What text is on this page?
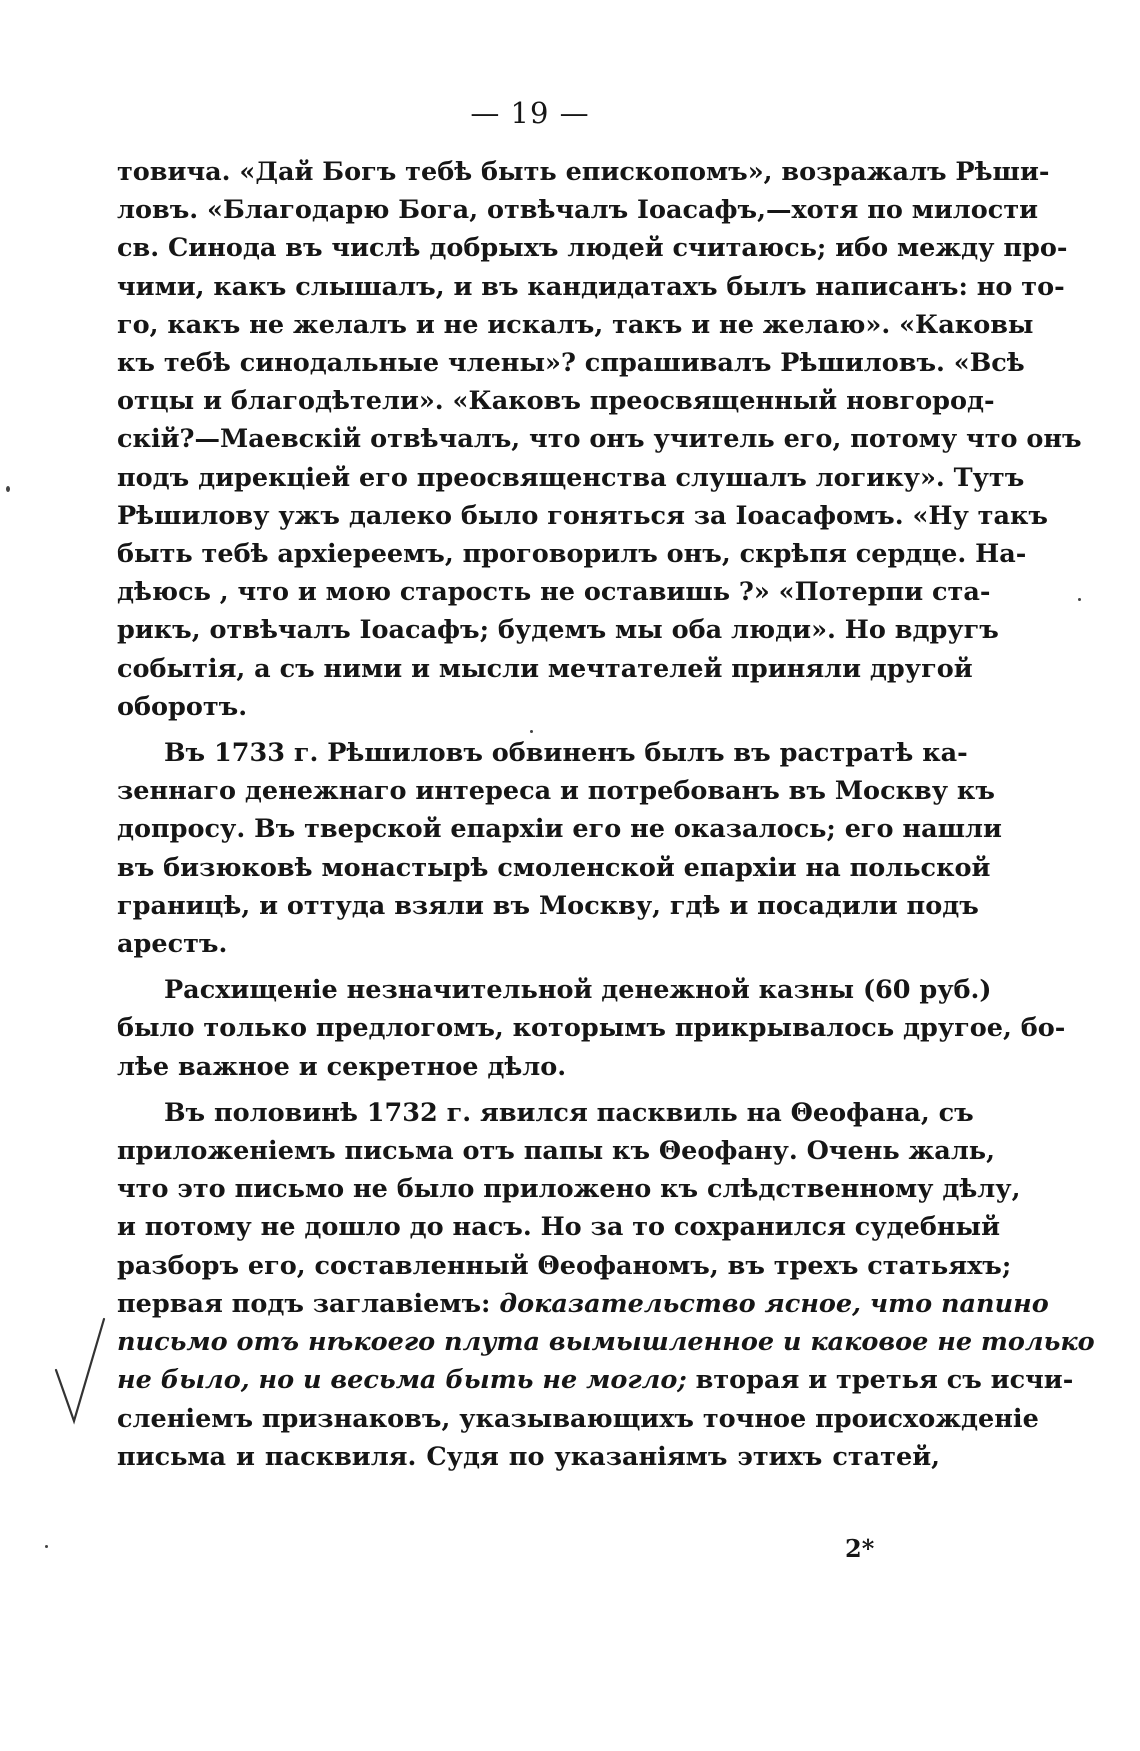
— 19 —
товича. «Дай Богъ тебѣ быть епископомъ», возражалъ Рѣши-
ловъ. «Благодарю Бога, отвѣчалъ Іоасафъ,—хотя по милости
св. Синода въ числѣ добрыхъ людей считаюсь; ибо между про-
чими, какъ слышалъ, и въ кандидатахъ былъ написанъ: но то-
го, какъ не желалъ и не искалъ, такъ и не желаю». «Каковы
къ тебѣ синодальные члены»? спрашивалъ Рѣшиловъ. «Всѣ
отцы и благодѣтели». «Каковъ преосвященный новгород-
скій?—Маевскій отвѣчалъ, что онъ учитель его, потому что онъ
подъ дирекціей его преосвященства слушалъ логику». Тутъ
Рѣшилову ужъ далеко было гоняться за Іоасафомъ. «Ну такъ
быть тебѣ архіереемъ, проговорилъ онъ, скрѣпя сердце. На-
дѣюсь , что и мою старость не оставишь ?» «Потерпи ста-
рикъ, отвѣчалъ Іоасафъ; будемъ мы оба люди». Но вдругъ
событія, а съ ними и мысли мечтателей приняли другой
оборотъ.
Въ 1733 г. Рѣшиловъ обвиненъ былъ въ растратѣ ка-
зеннаго денежнаго интереса и потребованъ въ Москву къ
допросу. Въ тверской епархіи его не оказалось; его нашли
въ бизюковѣ монастырѣ смоленской епархіи на польской
границѣ, и оттуда взяли въ Москву, гдѣ и посадили подъ
арестъ.
Расхищеніе незначительной денежной казны (60 руб.)
было только предлогомъ, которымъ прикрывалось другое, бо-
лѣе важное и секретное дѣло.
Въ половинѣ 1732 г. явился пасквиль на Θеофана, съ
приложеніемъ письма отъ папы къ Θеофану. Очень жаль,
что это письмо не было приложено къ слѣдственному дѣлу,
и потому не дошло до насъ. Но за то сохранился судебный
разборъ его, составленный Θеофаномъ, въ трехъ статьяхъ;
первая подъ заглавіемъ: доказательство ясное, что папино
письмо отъ нѣкоего плута вымышленное и каковое не только
не было, но и весьма быть не могло; вторая и третья съ исчи-
сленіемъ признаковъ, указывающихъ точное происхожденіе
письма и пасквиля. Судя по указаніямъ этихъ статей,
2*
